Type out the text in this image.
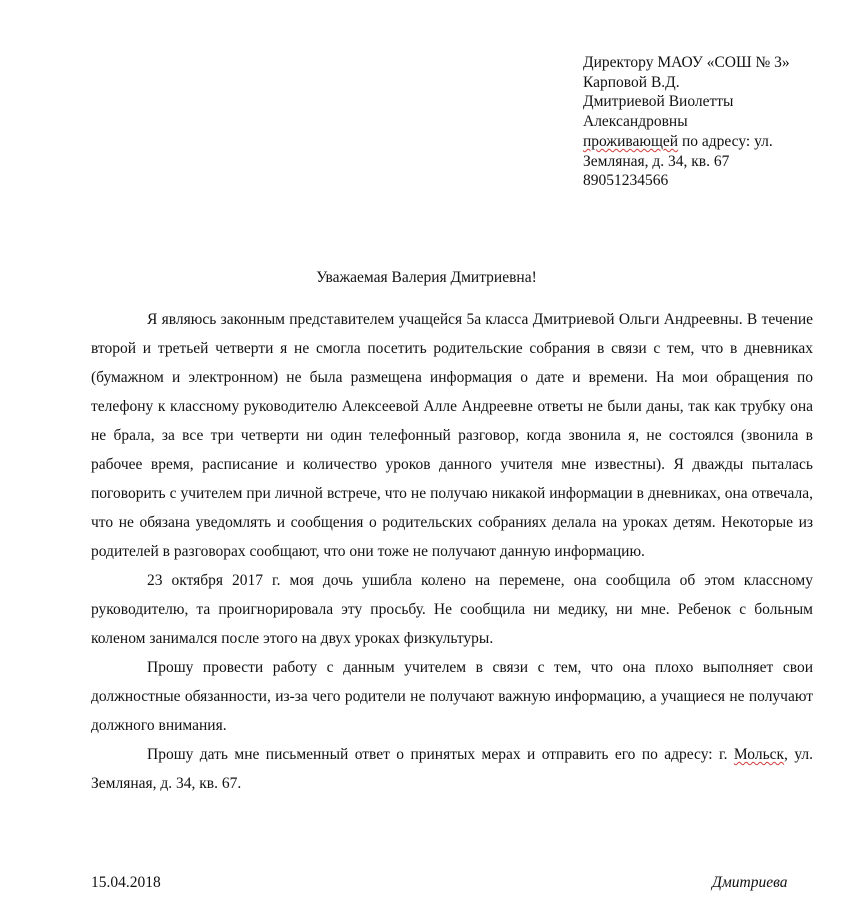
Директору МАОУ «СОШ № 3»
Карповой В.Д.
Дмитриевой Виолетты
Александровны
проживающей по адресу: ул.
Земляная, д. 34, кв. 67
89051234566
Уважаемая Валерия Дмитриевна!

Я являюсь законным представителем учащейся 5а класса Дмитриевой Ольги Андреевны. В течение второй и третьей четверти я не смогла посетить родительские собрания в связи с тем, что в дневниках (бумажном и электронном) не была размещена информация о дате и времени. На мои обращения по телефону к классному руководителю Алексеевой Алле Андреевне ответы не были даны, так как трубку она не брала, за все три четверти ни один телефонный разговор, когда звонила я, не состоялся (звонила в рабочее время, расписание и количество уроков данного учителя мне известны). Я дважды пыталась поговорить с учителем при личной встрече, что не получаю никакой информации в дневниках, она отвечала, что не обязана уведомлять и сообщения о родительских собраниях делала на уроках детям. Некоторые из родителей в разговорах сообщают, что они тоже не получают данную информацию.

23 октября 2017 г. моя дочь ушибла колено на перемене, она сообщила об этом классному руководителю, та проигнорировала эту просьбу. Не сообщила ни медику, ни мне. Ребенок с больным коленом занимался после этого на двух уроках физкультуры.

Прошу провести работу с данным учителем в связи с тем, что она плохо выполняет свои должностные обязанности, из-за чего родители не получают важную информацию, а учащиеся не получают должного внимания.

Прошу дать мне письменный ответ о принятых мерах и отправить его по адресу: г. Мольск, ул. Земляная, д. 34, кв. 67.

15.04.2018	Дмитриева
